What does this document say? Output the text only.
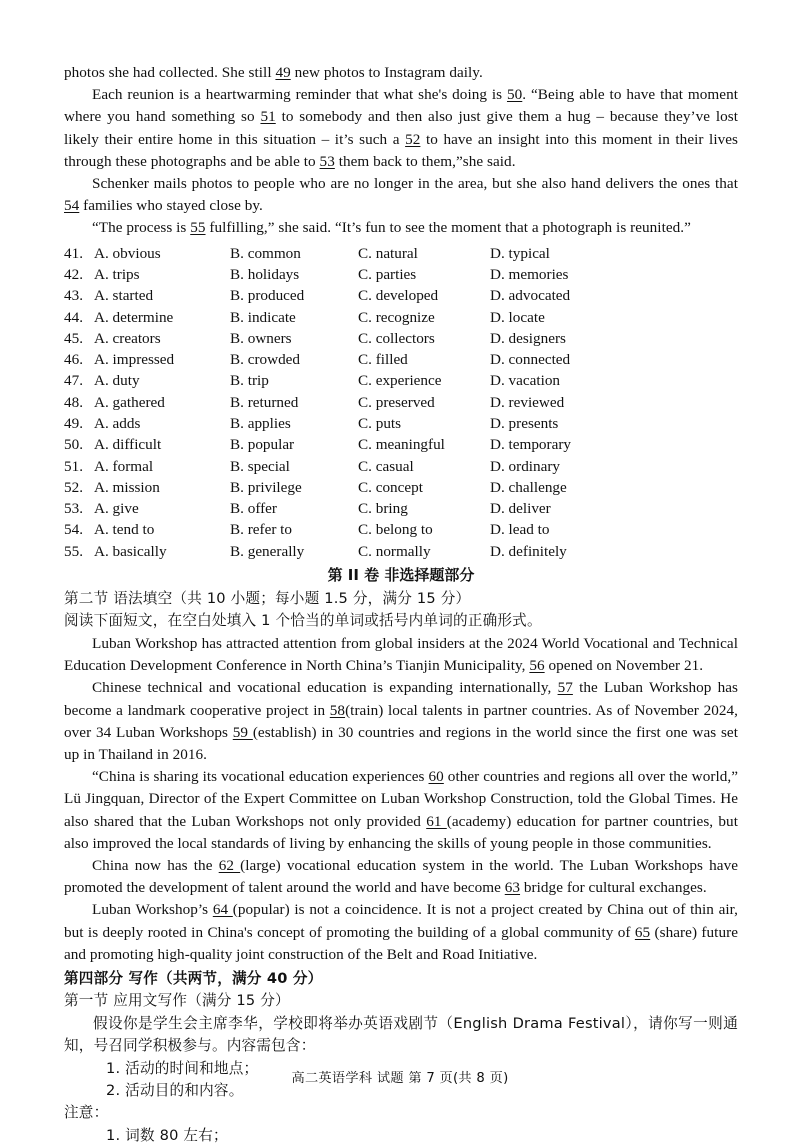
photos she had collected. She still 49 new photos to Instagram daily.

Each reunion is a heartwarming reminder that what she's doing is 50. “Being able to have that moment where you hand something so 51 to somebody and then also just give them a hug – because they’ve lost likely their entire home in this situation – it’s such a 52 to have an insight into this moment in their lives through these photographs and be able to 53 them back to them,”she said.

Schenker mails photos to people who are no longer in the area, but she also hand delivers the ones that 54 families who stayed close by.

“The process is 55 fulfilling,” she said. “It’s fun to see the moment that a photograph is reunited.”

41. A. obvious	B. common	C. natural	D. typical
42. A. trips	B. holidays	C. parties	D. memories
43. A. started	B. produced	C. developed	D. advocated
44. A. determine	B. indicate	C. recognize	D. locate
45. A. creators	B. owners	C. collectors	D. designers
46. A. impressed	B. crowded	C. filled	D. connected
47. A. duty	B. trip	C. experience	D. vacation
48. A. gathered	B. returned	C. preserved	D. reviewed
49. A. adds	B. applies	C. puts	D. presents
50. A. difficult	B. popular	C. meaningful	D. temporary
51. A. formal	B. special	C. casual	D. ordinary
52. A. mission	B. privilege	C. concept	D. challenge
53. A. give	B. offer	C. bring	D. deliver
54. A. tend to	B. refer to	C. belong to	D. lead to
55. A. basically	B. generally	C. normally	D. definitely
第 II 卷 非选择题部分
第二节 语法填空（共 10 小题；每小题 1.5 分，满分 15 分）
阅读下面短文，在空白处填入 1 个恰当的单词或括号内单词的正确形式。

Luban Workshop has attracted attention from global insiders at the 2024 World Vocational and Technical Education Development Conference in North China’s Tianjin Municipality, 56 opened on November 21.

Chinese technical and vocational education is expanding internationally, 57 the Luban Workshop has become a landmark cooperative project in 58(train) local talents in partner countries. As of November 2024, over 34 Luban Workshops 59 (establish) in 30 countries and regions in the world since the first one was set up in Thailand in 2016.

“China is sharing its vocational education experiences 60 other countries and regions all over the world,” Lü Jingquan, Director of the Expert Committee on Luban Workshop Construction, told the Global Times. He also shared that the Luban Workshops not only provided 61 (academy) education for partner countries, but also improved the local standards of living by enhancing the skills of young people in those communities.

China now has the 62 (large) vocational education system in the world. The Luban Workshops have promoted the development of talent around the world and have become 63 bridge for cultural exchanges.

Luban Workshop’s 64 (popular) is not a coincidence. It is not a project created by China out of thin air, but is deeply rooted in China's concept of promoting the building of a global community of 65 (share) future and promoting high-quality joint construction of the Belt and Road Initiative.

第四部分 写作（共两节，满分 40 分）
第一节 应用文写作（满分 15 分）
假设你是学生会主席李华，学校即将举办英语戏剧节（English Drama Festival），请你写一则通知，号召同学积极参与。内容需包含：
1. 活动的时间和地点；
2. 活动目的和内容。
注意：
1. 词数 80 左右；
高二英语学科 试题 第 7 页(共 8 页)
